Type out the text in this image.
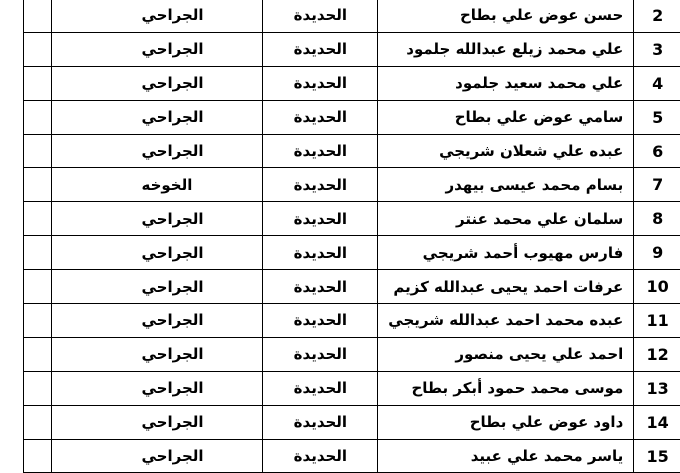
2	حسن عوض علي بطاح	الحديدة	الجراحي	
3	علي محمد زيلع عبدالله جلمود	الحديدة	الجراحي	
4	علي محمد سعيد جلمود	الحديدة	الجراحي	
5	سامي عوض علي بطاح	الحديدة	الجراحي	
6	عبده علي شعلان شريجي	الحديدة	الجراحي	
7	بسام محمد عيسى بيهدر	الحديدة	الخوخه	
8	سلمان علي محمد عنتر	الحديدة	الجراحي	
9	فارس مهيوب أحمد شريجي	الحديدة	الجراحي	
10	عرفات احمد يحيى عبدالله كزيم	الحديدة	الجراحي	
11	عبده محمد احمد عبدالله شريجي	الحديدة	الجراحي	
12	احمد علي يحيى منصور	الحديدة	الجراحي	
13	موسى محمد حمود أبكر بطاح	الحديدة	الجراحي	
14	داود عوض علي بطاح	الحديدة	الجراحي	
15	ياسر محمد علي عبيد	الحديدة	الجراحي	
